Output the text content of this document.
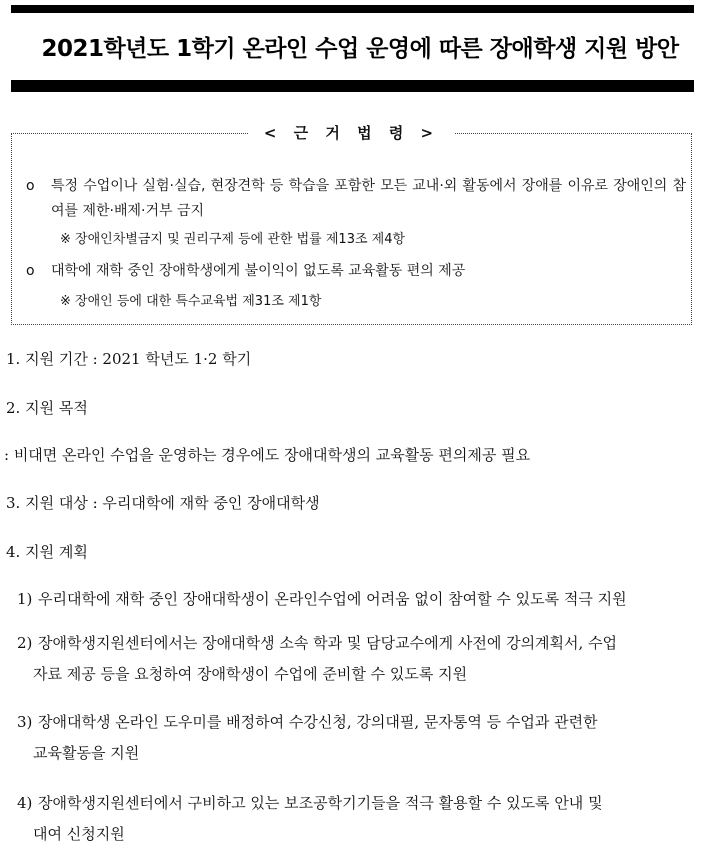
2021학년도 1학기 온라인 수업 운영에 따른 장애학생 지원 방안
< 근 거 법 령 >
o	특정 수업이나 실험·실습, 현장견학 등 학습을 포함한 모든 교내·외 활동에서 장애를 이유로 장애인의 참여를 제한·배제·거부 금지
※ 장애인차별금지 및 권리구제 등에 관한 법률 제13조 제4항
o	대학에 재학 중인 장애학생에게 불이익이 없도록 교육활동 편의 제공
※ 장애인 등에 대한 특수교육법 제31조 제1항
1. 지원 기간 : 2021 학년도 1·2 학기
2. 지원 목적
: 비대면 온라인 수업을 운영하는 경우에도 장애대학생의 교육활동 편의제공 필요
3. 지원 대상 : 우리대학에 재학 중인 장애대학생
4. 지원 계획
1) 우리대학에 재학 중인 장애대학생이 온라인수업에 어려움 없이 참여할 수 있도록 적극 지원
2) 장애학생지원센터에서는 장애대학생 소속 학과 및 담당교수에게 사전에 강의계획서, 수업
자료 제공 등을 요청하여 장애학생이 수업에 준비할 수 있도록 지원
3) 장애대학생 온라인 도우미를 배정하여 수강신청, 강의대필, 문자통역 등 수업과 관련한
교육활동을 지원
4) 장애학생지원센터에서 구비하고 있는 보조공학기기들을 적극 활용할 수 있도록 안내 및
대여 신청지원
